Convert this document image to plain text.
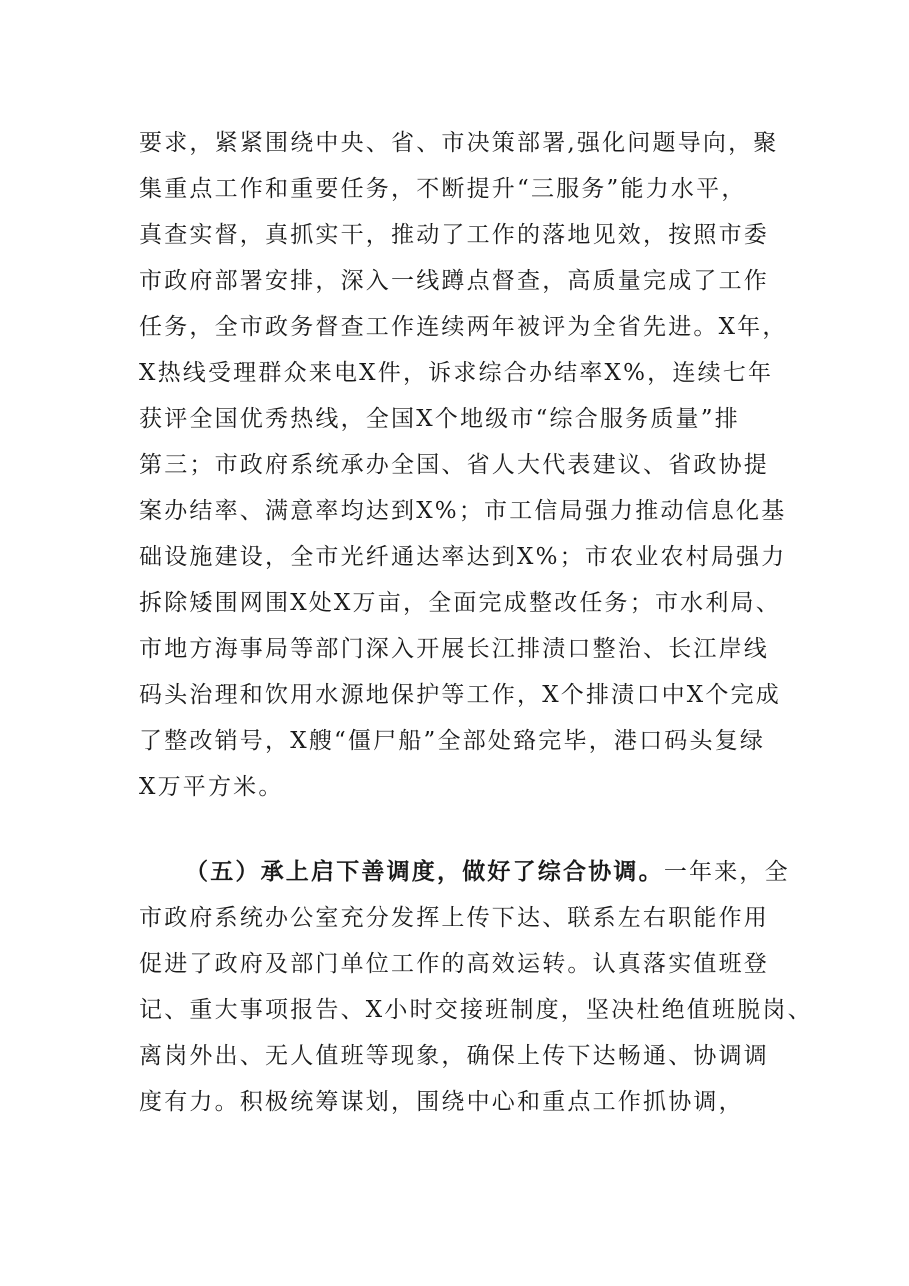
要求，紧紧围绕中央、省、市决策部署,强化问题导向，聚
集重点工作和重要任务，不断提升“三服务”能力水平，
真查实督，真抓实干，推动了工作的落地见效，按照市委
市政府部署安排，深入一线蹲点督查，高质量完成了工作
任务，全市政务督查工作连续两年被评为全省先进。X年，
X热线受理群众来电X件，诉求综合办结率X%，连续七年
获评全国优秀热线，全国X个地级市“综合服务质量”排
第三；市政府系统承办全国、省人大代表建议、省政协提
案办结率、满意率均达到X%；市工信局强力推动信息化基
础设施建设，全市光纤通达率达到X%；市农业农村局强力
拆除矮围网围X处X万亩，全面完成整改任务；市水利局、
市地方海事局等部门深入开展长江排渍口整治、长江岸线
码头治理和饮用水源地保护等工作，X个排渍口中X个完成
了整改销号，X艘“僵尸船”全部处臵完毕，港口码头复绿
X万平方米。
（五）承上启下善调度，做好了综合协调。一年来，全
市政府系统办公室充分发挥上传下达、联系左右职能作用
促进了政府及部门单位工作的高效运转。认真落实值班登
记、重大事项报告、X小时交接班制度，坚决杜绝值班脱岗、
离岗外出、无人值班等现象，确保上传下达畅通、协调调
度有力。积极统筹谋划，围绕中心和重点工作抓协调，
